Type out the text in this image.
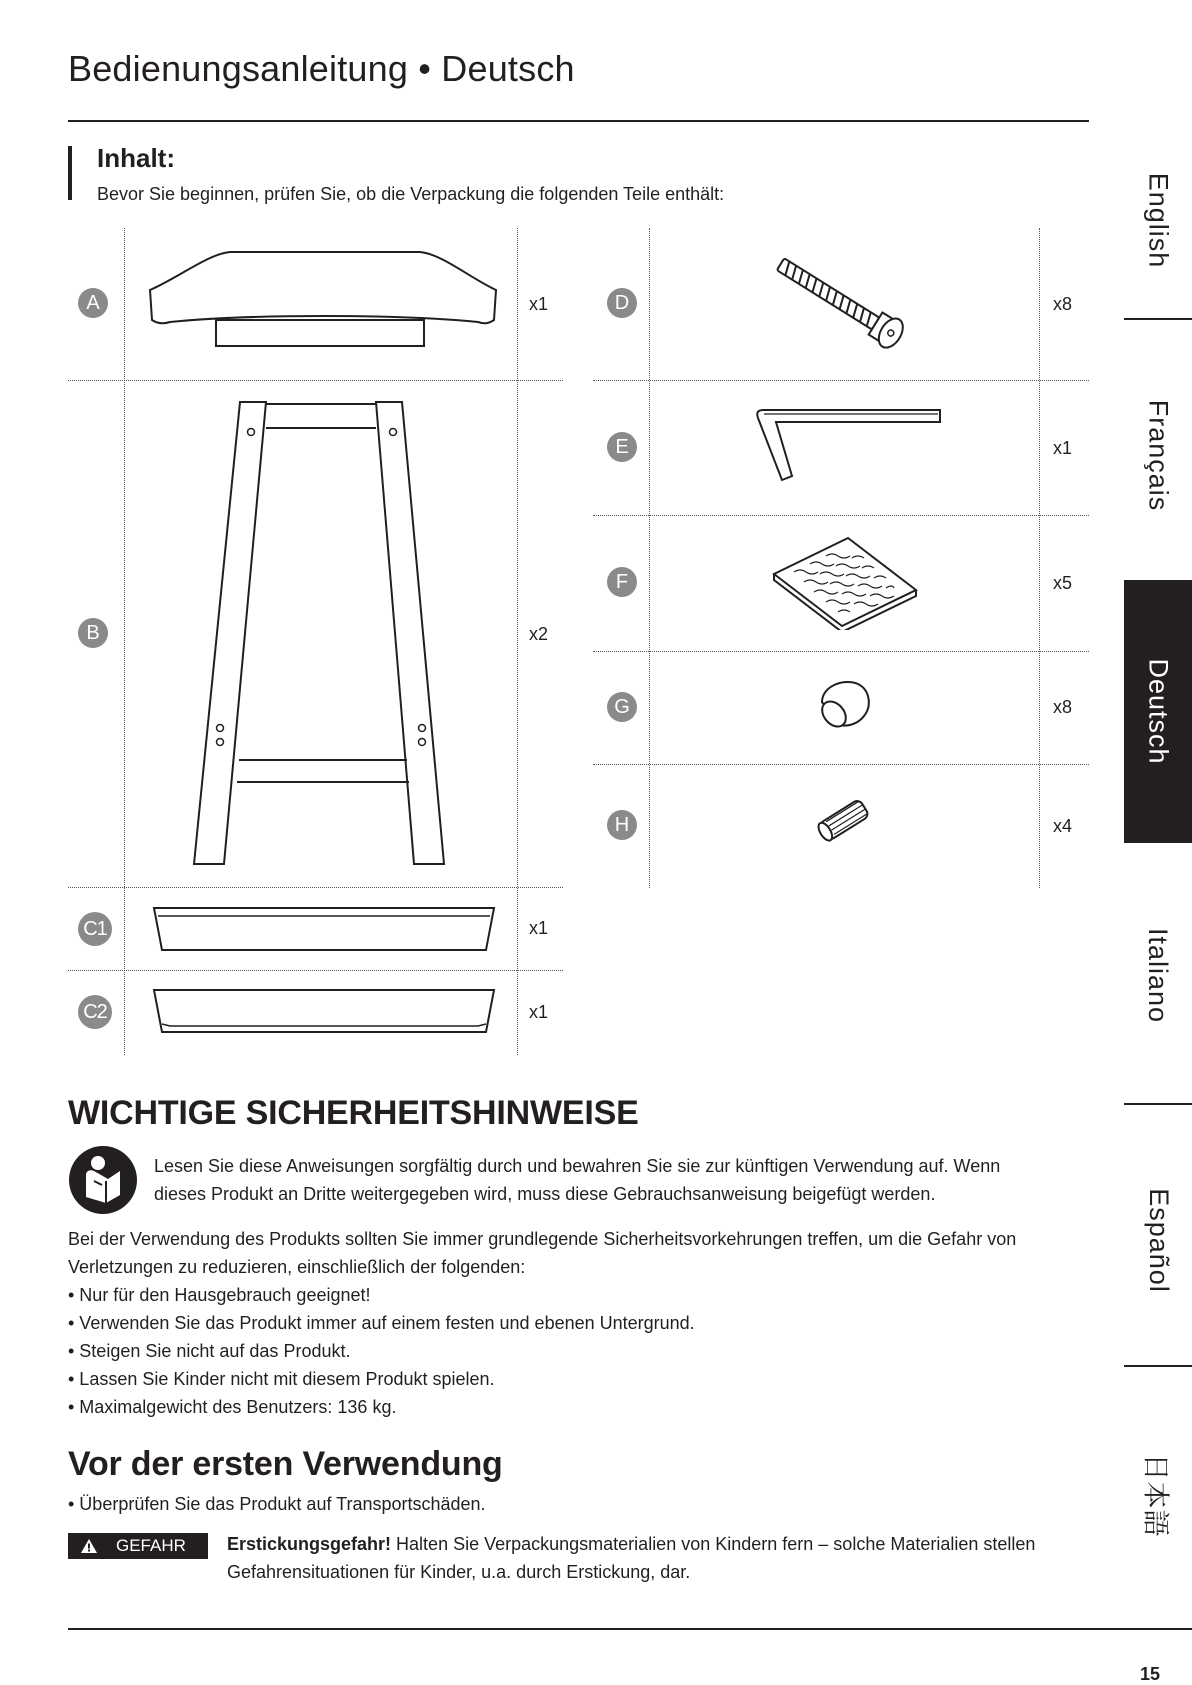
Bedienungsanleitung • Deutsch
Inhalt:
Bevor Sie beginnen, prüfen Sie, ob die Verpackung die folgenden Teile enthält:
A	x1
B	x2
C1	x1
C2	x1
D	x8
E	x1
F	x5
G	x8
H	x4
WICHTIGE SICHERHEITSHINWEISE
Lesen Sie diese Anweisungen sorgfältig durch und bewahren Sie sie zur künftigen Verwendung auf. Wenn
dieses Produkt an Dritte weitergegeben wird, muss diese Gebrauchsanweisung beigefügt werden.
Bei der Verwendung des Produkts sollten Sie immer grundlegende Sicherheitsvorkehrungen treffen, um die Gefahr von
Verletzungen zu reduzieren, einschließlich der folgenden:
• Nur für den Hausgebrauch geeignet!
• Verwenden Sie das Produkt immer auf einem festen und ebenen Untergrund.
• Steigen Sie nicht auf das Produkt.
• Lassen Sie Kinder nicht mit diesem Produkt spielen.
• Maximalgewicht des Benutzers: 136 kg.
Vor der ersten Verwendung
• Überprüfen Sie das Produkt auf Transportschäden.
GEFAHR Erstickungsgefahr! Halten Sie Verpackungsmaterialien von Kindern fern – solche Materialien stellen
Gefahrensituationen für Kinder, u.a. durch Erstickung, dar.
15
English
Français
Deutsch
Italiano
Español
日本語
